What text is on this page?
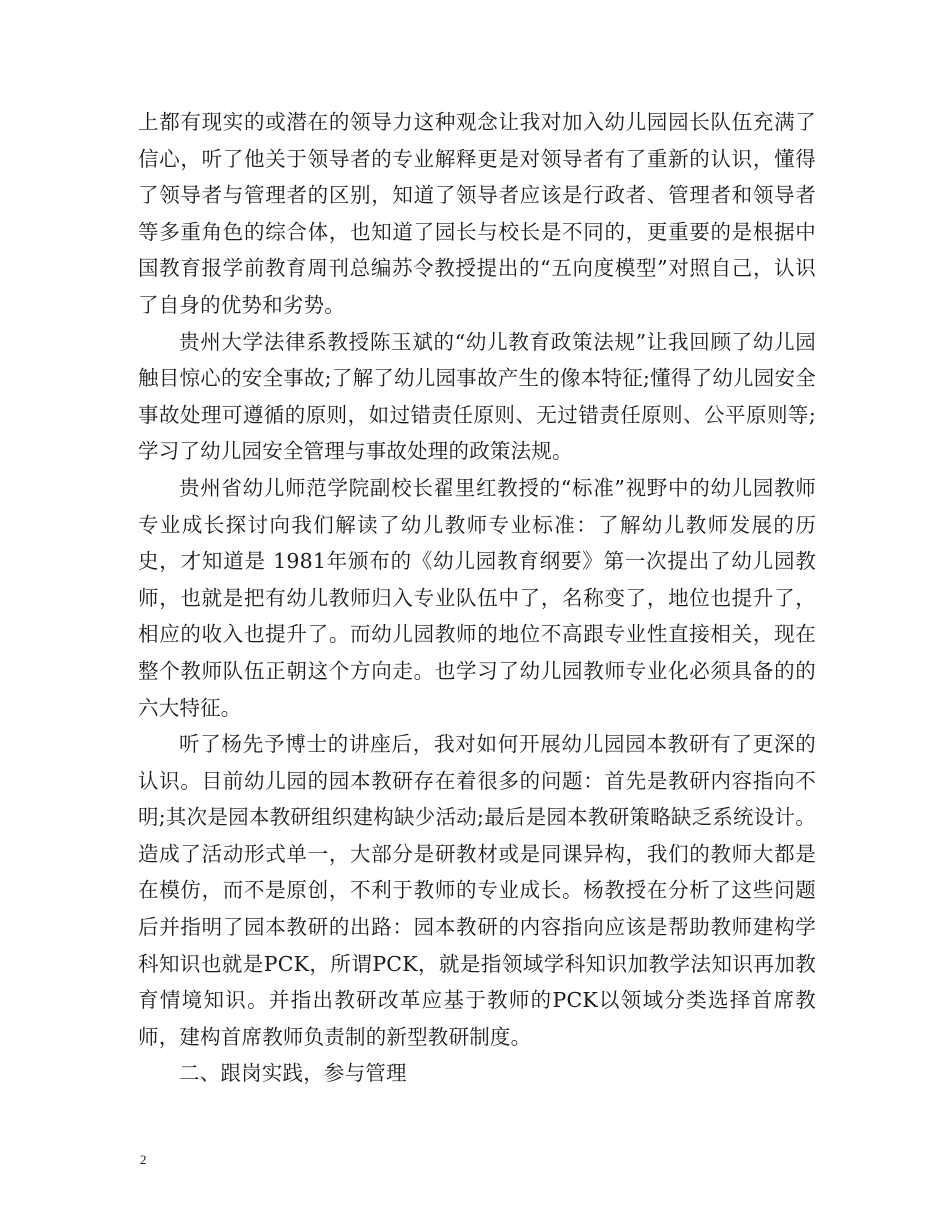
上都有现实的或潜在的领导力这种观念让我对加入幼儿园园长队伍充满了信心，听了他关于领导者的专业解释更是对领导者有了重新的认识，懂得了领导者与管理者的区别，知道了领导者应该是行政者、管理者和领导者等多重角色的综合体，也知道了园长与校长是不同的，更重要的是根据中国教育报学前教育周刊总编苏令教授提出的“五向度模型”对照自己，认识了自身的优势和劣势。

贵州大学法律系教授陈玉斌的“幼儿教育政策法规”让我回顾了幼儿园触目惊心的安全事故;了解了幼儿园事故产生的像本特征;懂得了幼儿园安全事故处理可遵循的原则，如过错责任原则、无过错责任原则、公平原则等;学习了幼儿园安全管理与事故处理的政策法规。

贵州省幼儿师范学院副校长翟里红教授的“标准”视野中的幼儿园教师专业成长探讨向我们解读了幼儿教师专业标准：了解幼儿教师发展的历史，才知道是 1981年颁布的《幼儿园教育纲要》第一次提出了幼儿园教师，也就是把有幼儿教师归入专业队伍中了，名称变了，地位也提升了，相应的收入也提升了。而幼儿园教师的地位不高跟专业性直接相关，现在整个教师队伍正朝这个方向走。也学习了幼儿园教师专业化必须具备的的六大特征。

听了杨先予博士的讲座后，我对如何开展幼儿园园本教研有了更深的认识。目前幼儿园的园本教研存在着很多的问题：首先是教研内容指向不明;其次是园本教研组织建构缺少活动;最后是园本教研策略缺乏系统设计。造成了活动形式单一，大部分是研教材或是同课异构，我们的教师大都是在模仿，而不是原创，不利于教师的专业成长。杨教授在分析了这些问题后并指明了园本教研的出路：园本教研的内容指向应该是帮助教师建构学科知识也就是PCK，所谓PCK，就是指领域学科知识加教学法知识再加教育情境知识。并指出教研改革应基于教师的PCK以领域分类选择首席教师，建构首席教师负责制的新型教研制度。

二、跟岗实践，参与管理

2
